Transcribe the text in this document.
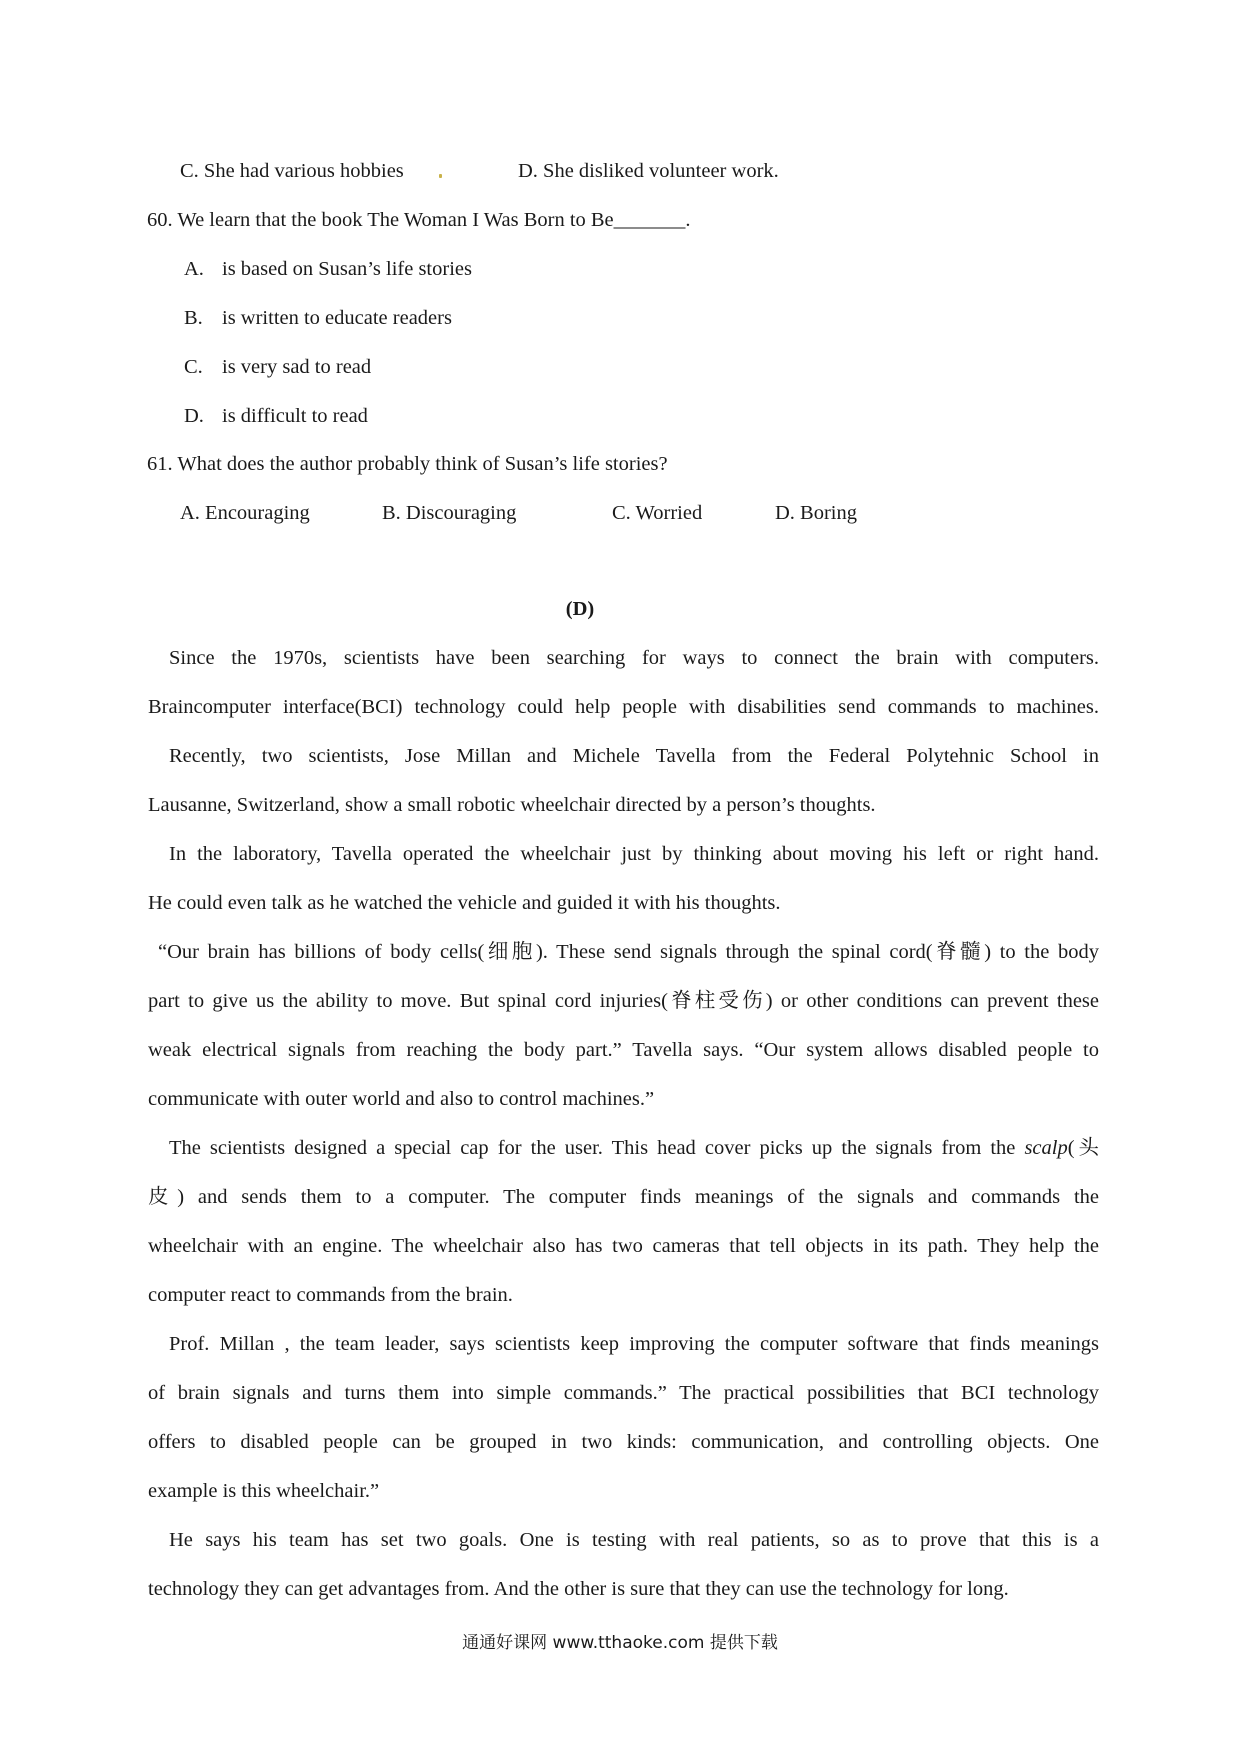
C. She had various hobbies	D. She disliked volunteer work.
60. We learn that the book The Woman I Was Born to Be_______.
A. is based on Susan’s life stories
B. is written to educate readers
C. is very sad to read
D. is difficult to read
61. What does the author probably think of Susan’s life stories?
A. Encouraging	B. Discouraging	C. Worried	D. Boring
(D)
Since the 1970s, scientists have been searching for ways to connect the brain with computers.
Braincomputer interface(BCI) technology could help people with disabilities send commands to machines.
Recently, two scientists, Jose Millan and Michele Tavella from the Federal Polytehnic School in
Lausanne, Switzerland, show a small robotic wheelchair directed by a person’s thoughts.
In the laboratory, Tavella operated the wheelchair just by thinking about moving his left or right hand.
He could even talk as he watched the vehicle and guided it with his thoughts.
“Our brain has billions of body cells(细胞). These send signals through the spinal cord(脊髓) to the body
part to give us the ability to move. But spinal cord injuries(脊柱受伤) or other conditions can prevent these
weak electrical signals from reaching the body part.” Tavella says. “Our system allows disabled people to
communicate with outer world and also to control machines.”
The scientists designed a special cap for the user. This head cover picks up the signals from the scalp(头
皮) and sends them to a computer. The computer finds meanings of the signals and commands the
wheelchair with an engine. The wheelchair also has two cameras that tell objects in its path. They help the
computer react to commands from the brain.
Prof. Millan , the team leader, says scientists keep improving the computer software that finds meanings
of brain signals and turns them into simple commands.” The practical possibilities that BCI technology
offers to disabled people can be grouped in two kinds: communication, and controlling objects. One
example is this wheelchair.”
He says his team has set two goals. One is testing with real patients, so as to prove that this is a
technology they can get advantages from. And the other is sure that they can use the technology for long.
通通好课网 www.tthaoke.com 提供下载
